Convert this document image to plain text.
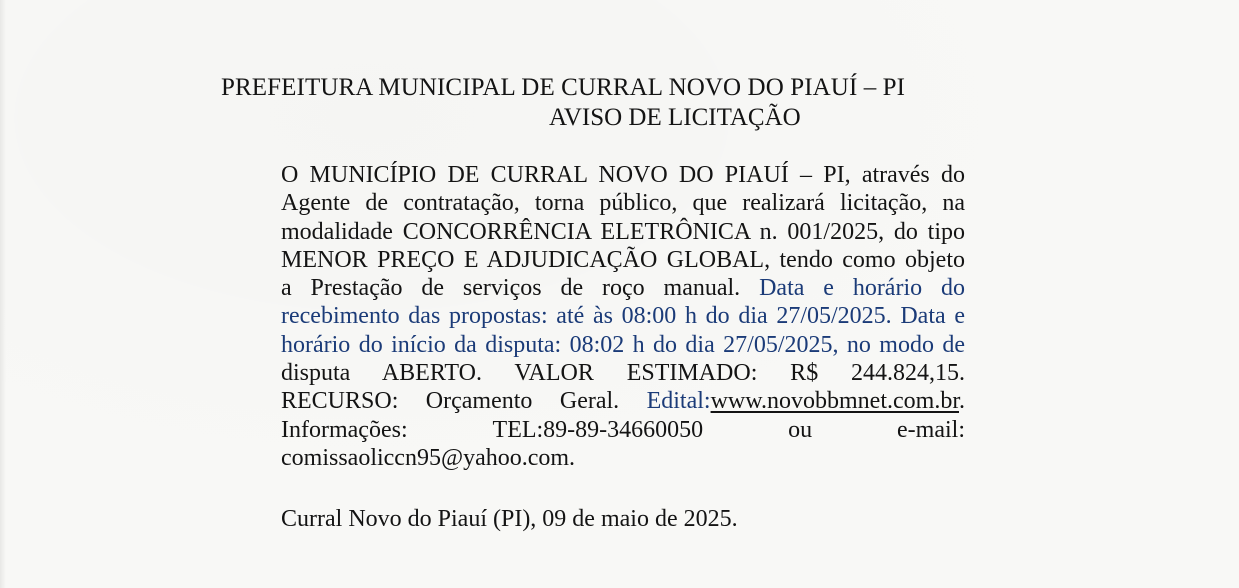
PREFEITURA MUNICIPAL DE CURRAL NOVO DO PIAUÍ – PI
AVISO DE LICITAÇÃO
O MUNICÍPIO DE CURRAL NOVO DO PIAUÍ – PI, através do
Agente de contratação, torna público, que realizará licitação, na
modalidade CONCORRÊNCIA ELETRÔNICA n. 001/2025, do tipo
MENOR PREÇO E ADJUDICAÇÃO GLOBAL, tendo como objeto
a Prestação de serviços de roço manual. Data e horário do
recebimento das propostas: até às 08:00 h do dia 27/05/2025. Data e
horário do início da disputa: 08:02 h do dia 27/05/2025, no modo de
disputa ABERTO. VALOR ESTIMADO: R$ 244.824,15.
RECURSO: Orçamento Geral. Edital:www.novobbmnet.com.br.
Informações:	TEL:89-89-34660050	ou	e-mail:
comissaoliccn95@yahoo.com.
Curral Novo do Piauí (PI), 09 de maio de 2025.
